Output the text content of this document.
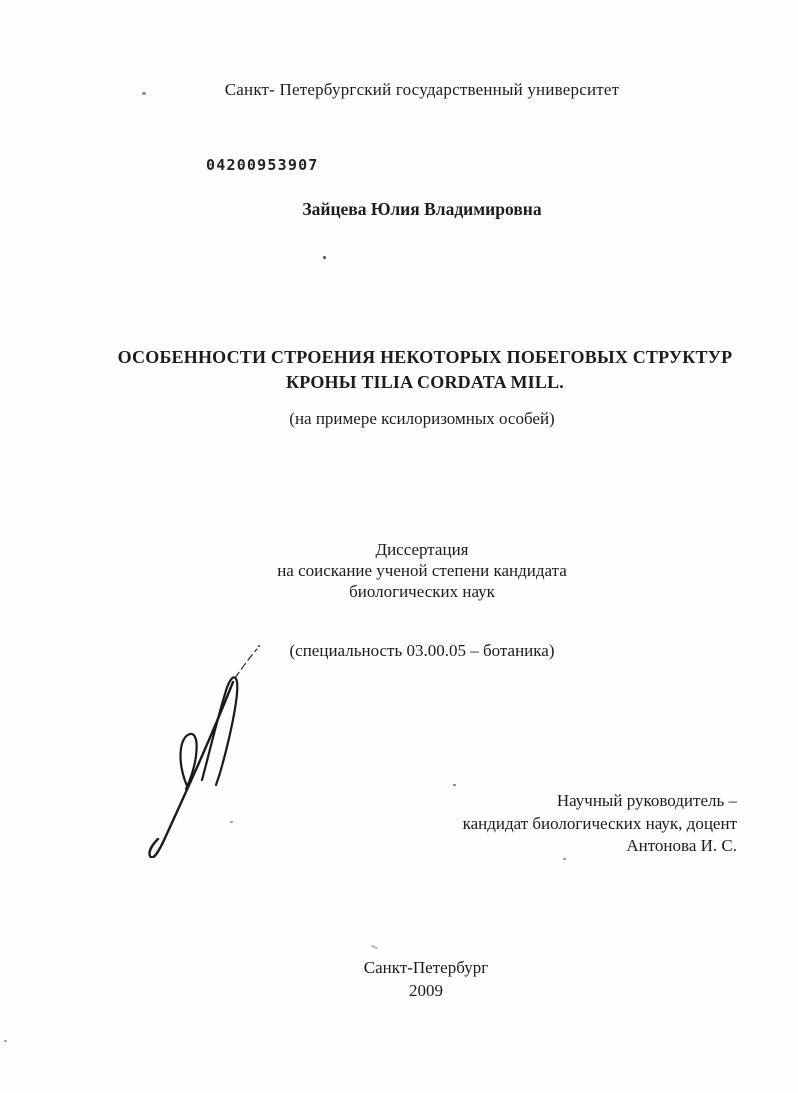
Санкт- Петербургский государственный университет
04200953907
Зайцева Юлия Владимировна
ОСОБЕННОСТИ СТРОЕНИЯ НЕКОТОРЫХ ПОБЕГОВЫХ СТРУКТУР
КРОНЫ TILIA CORDATA MILL.
(на примере ксилоризомных особей)
Диссертация
на соискание ученой степени кандидата
биологических наук
(специальность 03.00.05 – ботаника)
Научный руководитель –
кандидат биологических наук, доцент
Антонова И. С.
Санкт-Петербург
2009
